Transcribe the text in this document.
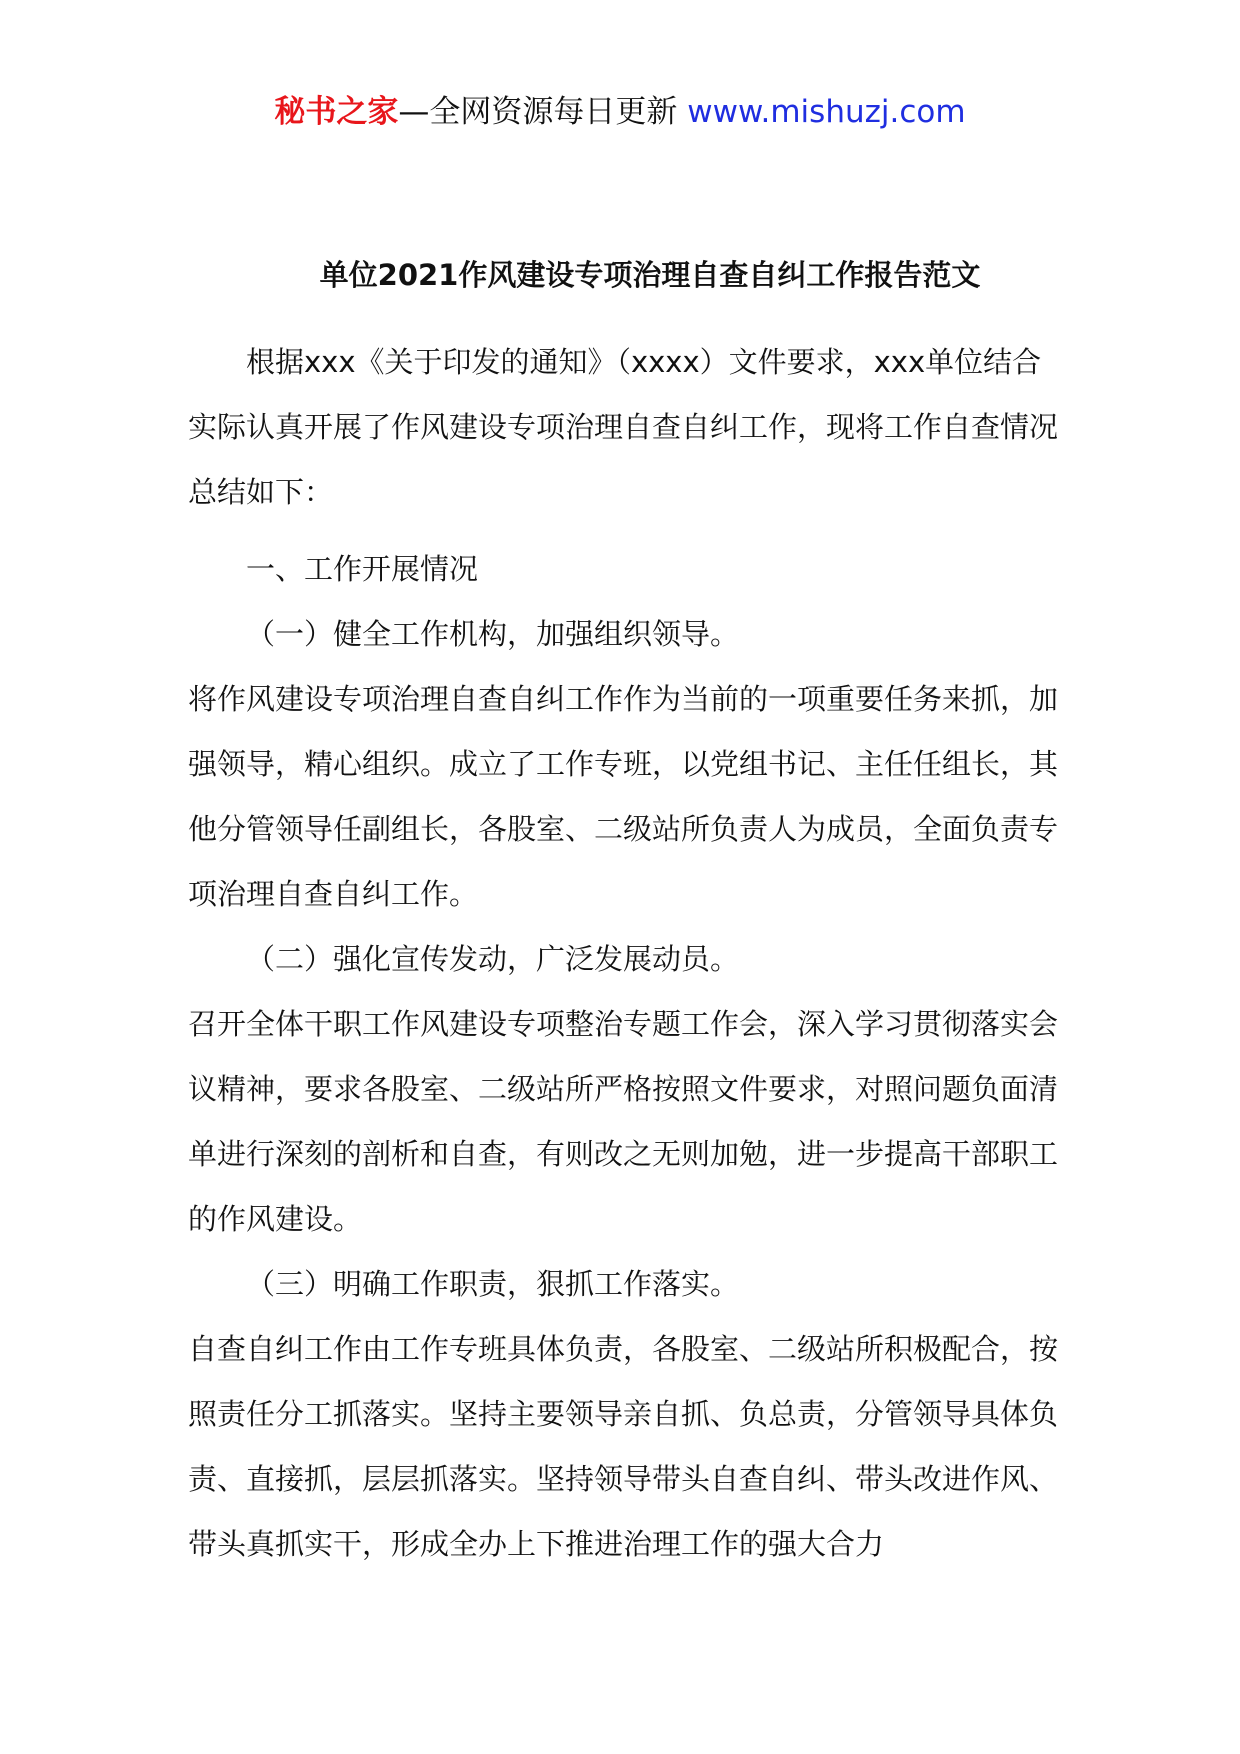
秘书之家—全网资源每日更新 www.mishuzj.com
单位2021作风建设专项治理自查自纠工作报告范文

根据xxx《关于印发的通知》（xxxx）文件要求，xxx单位结合实际认真开展了作风建设专项治理自查自纠工作，现将工作自查情况总结如下：

一、工作开展情况

（一）健全工作机构，加强组织领导。

将作风建设专项治理自查自纠工作作为当前的一项重要任务来抓，加强领导，精心组织。成立了工作专班，以党组书记、主任任组长，其他分管领导任副组长，各股室、二级站所负责人为成员，全面负责专项治理自查自纠工作。

（二）强化宣传发动，广泛发展动员。

召开全体干职工作风建设专项整治专题工作会，深入学习贯彻落实会议精神，要求各股室、二级站所严格按照文件要求，对照问题负面清单进行深刻的剖析和自查，有则改之无则加勉，进一步提高干部职工的作风建设。

（三）明确工作职责，狠抓工作落实。

自查自纠工作由工作专班具体负责，各股室、二级站所积极配合，按照责任分工抓落实。坚持主要领导亲自抓、负总责，分管领导具体负责、直接抓，层层抓落实。坚持领导带头自查自纠、带头改进作风、带头真抓实干，形成全办上下推进治理工作的强大合力
